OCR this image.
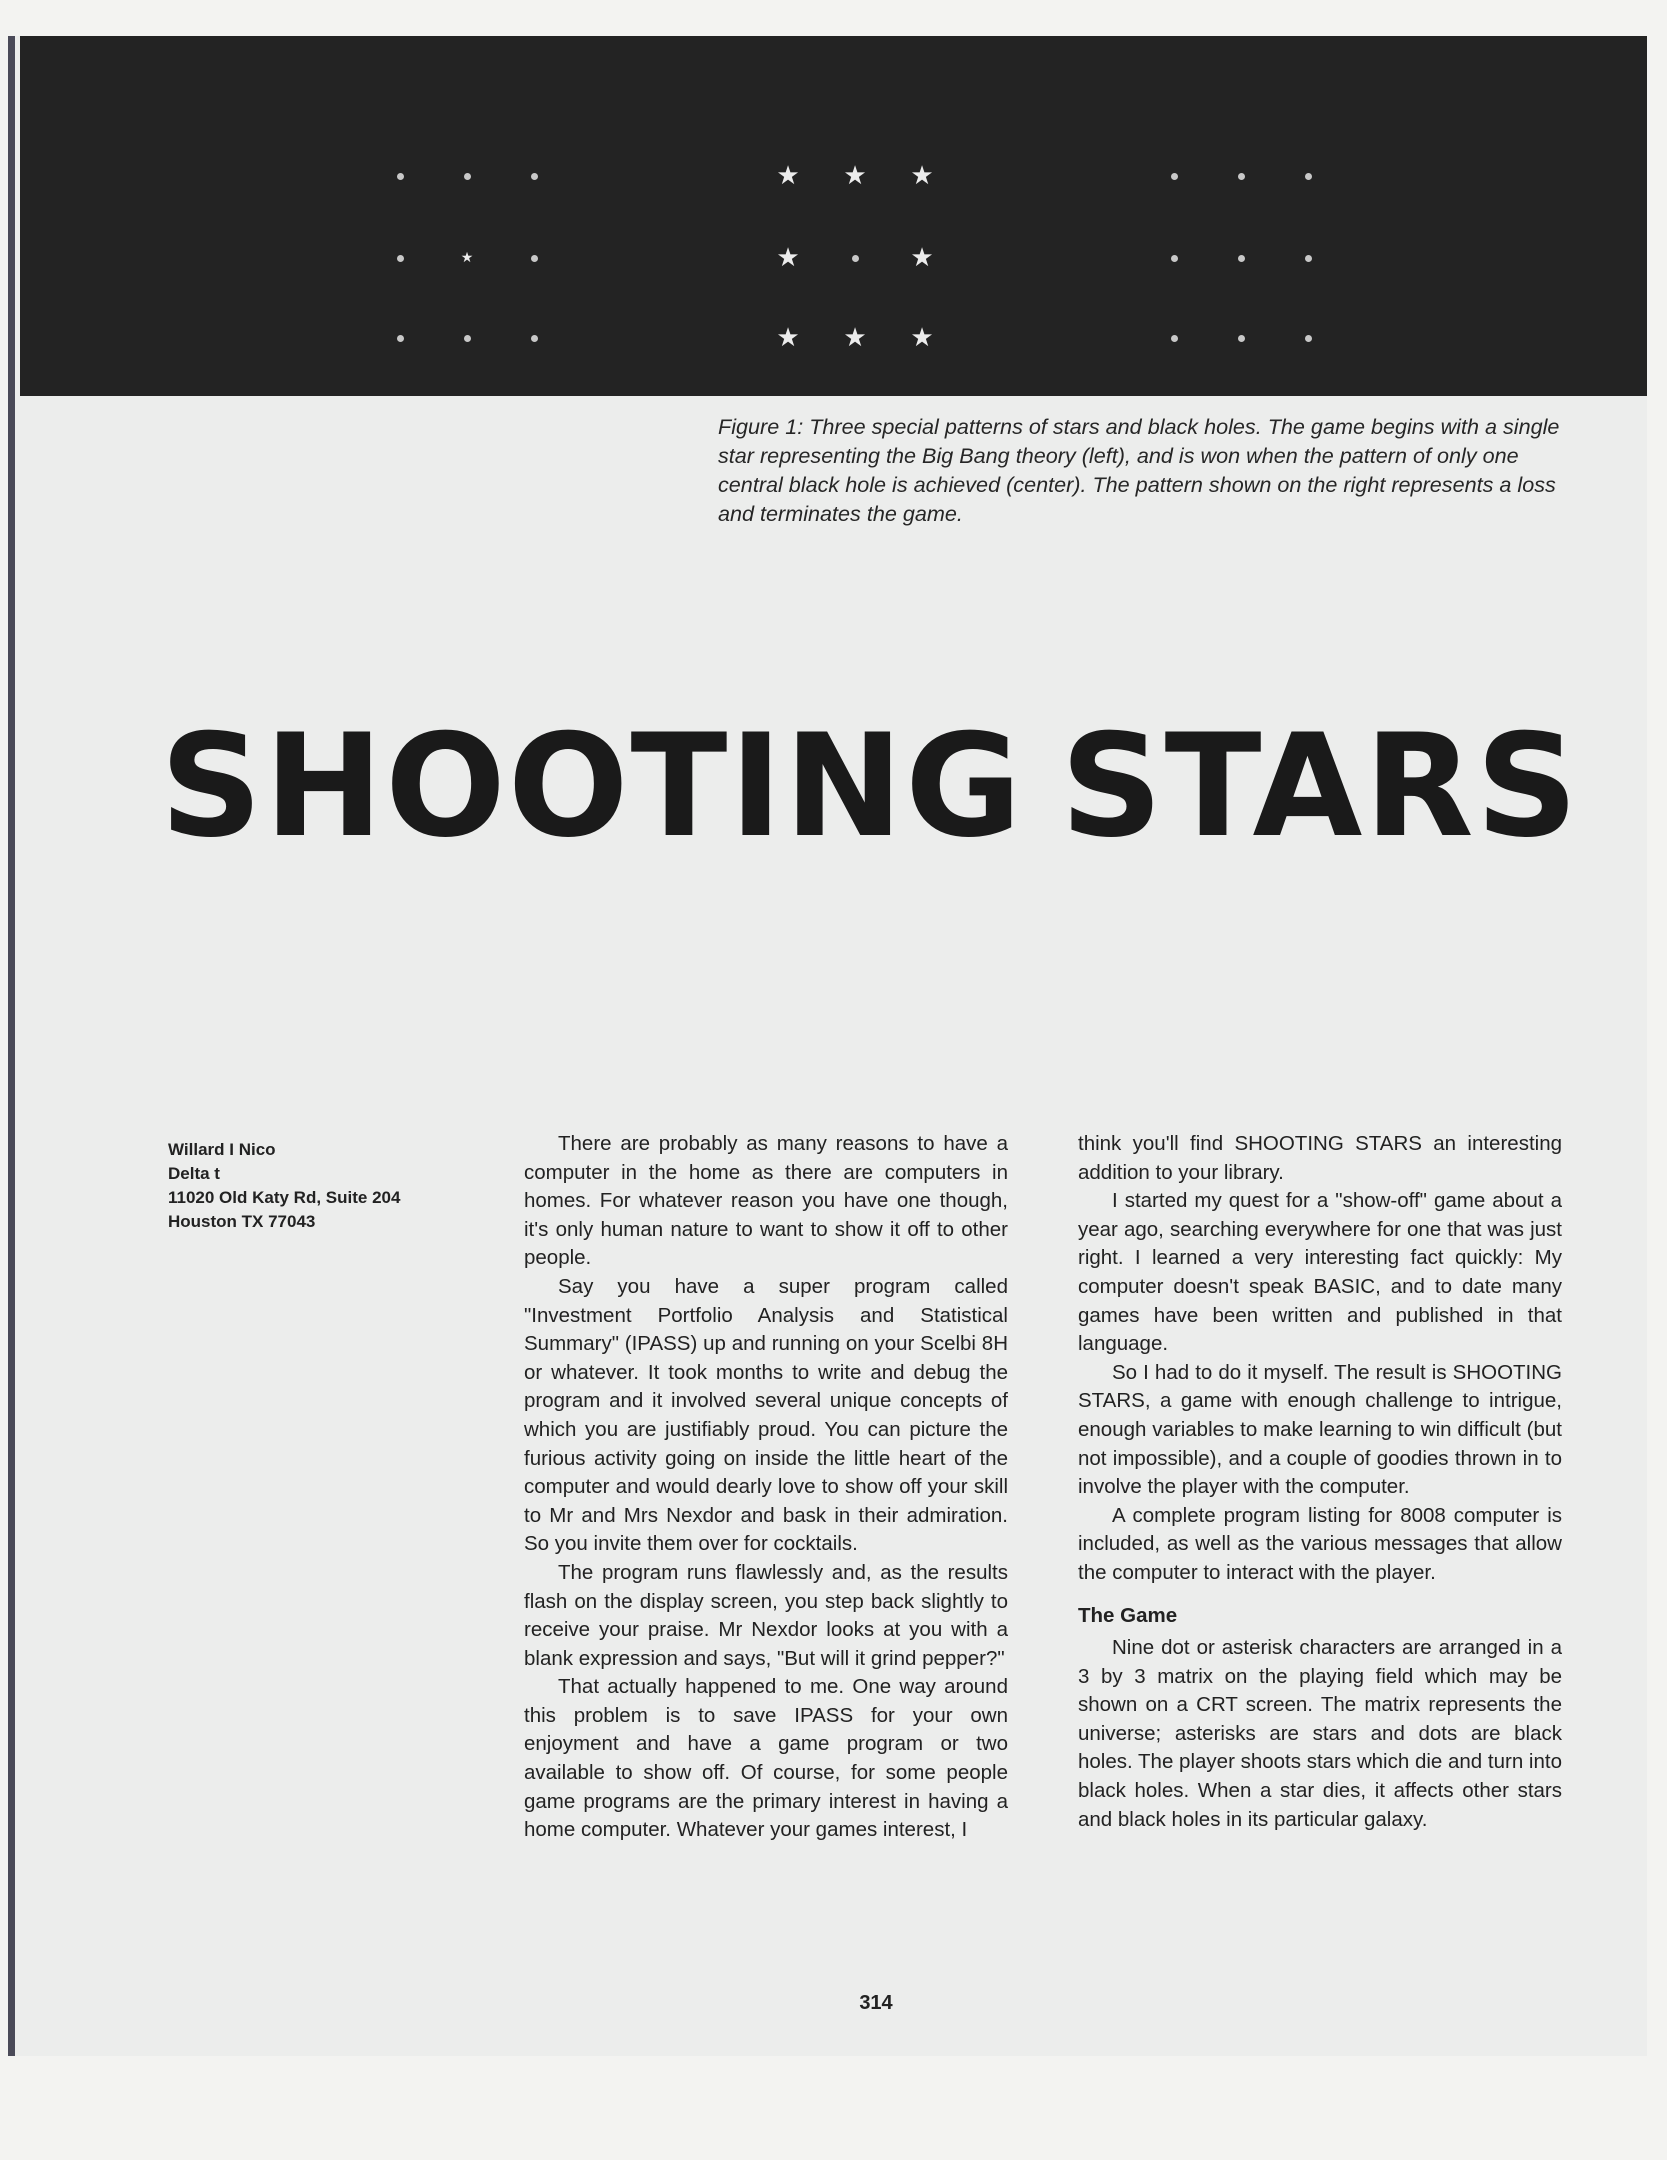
★
★ ★ ★
★	★
★ ★ ★

Figure 1: Three special patterns of stars and black holes. The game begins with a single star representing the Big Bang theory (left), and is won when the pattern of only one central black hole is achieved (center). The pattern shown on the right represents a loss and terminates the game.

SHOOTING STARS
Willard I Nico
Delta t
11020 Old Katy Rd, Suite 204
Houston TX 77043

There are probably as many reasons to have a computer in the home as there are computers in homes. For whatever reason you have one though, it's only human nature to want to show it off to other people.

Say you have a super program called "Investment Portfolio Analysis and Statistical Summary" (IPASS) up and running on your Scelbi 8H or whatever. It took months to write and debug the program and it involved several unique concepts of which you are justifiably proud. You can picture the furious activity going on inside the little heart of the computer and would dearly love to show off your skill to Mr and Mrs Nexdor and bask in their admiration. So you invite them over for cocktails.

The program runs flawlessly and, as the results flash on the display screen, you step back slightly to receive your praise. Mr Nexdor looks at you with a blank expression and says, "But will it grind pepper?"

That actually happened to me. One way around this problem is to save IPASS for your own enjoyment and have a game program or two available to show off. Of course, for some people game programs are the primary interest in having a home computer. Whatever your games interest, I

think you'll find SHOOTING STARS an interesting addition to your library.

I started my quest for a "show-off" game about a year ago, searching everywhere for one that was just right. I learned a very interesting fact quickly: My computer doesn't speak BASIC, and to date many games have been written and published in that language.

So I had to do it myself. The result is SHOOTING STARS, a game with enough challenge to intrigue, enough variables to make learning to win difficult (but not impossible), and a couple of goodies thrown in to involve the player with the computer.

A complete program listing for 8008 computer is included, as well as the various messages that allow the computer to interact with the player.

The Game

Nine dot or asterisk characters are arranged in a 3 by 3 matrix on the playing field which may be shown on a CRT screen. The matrix represents the universe; asterisks are stars and dots are black holes. The player shoots stars which die and turn into black holes. When a star dies, it affects other stars and black holes in its particular galaxy.

314
